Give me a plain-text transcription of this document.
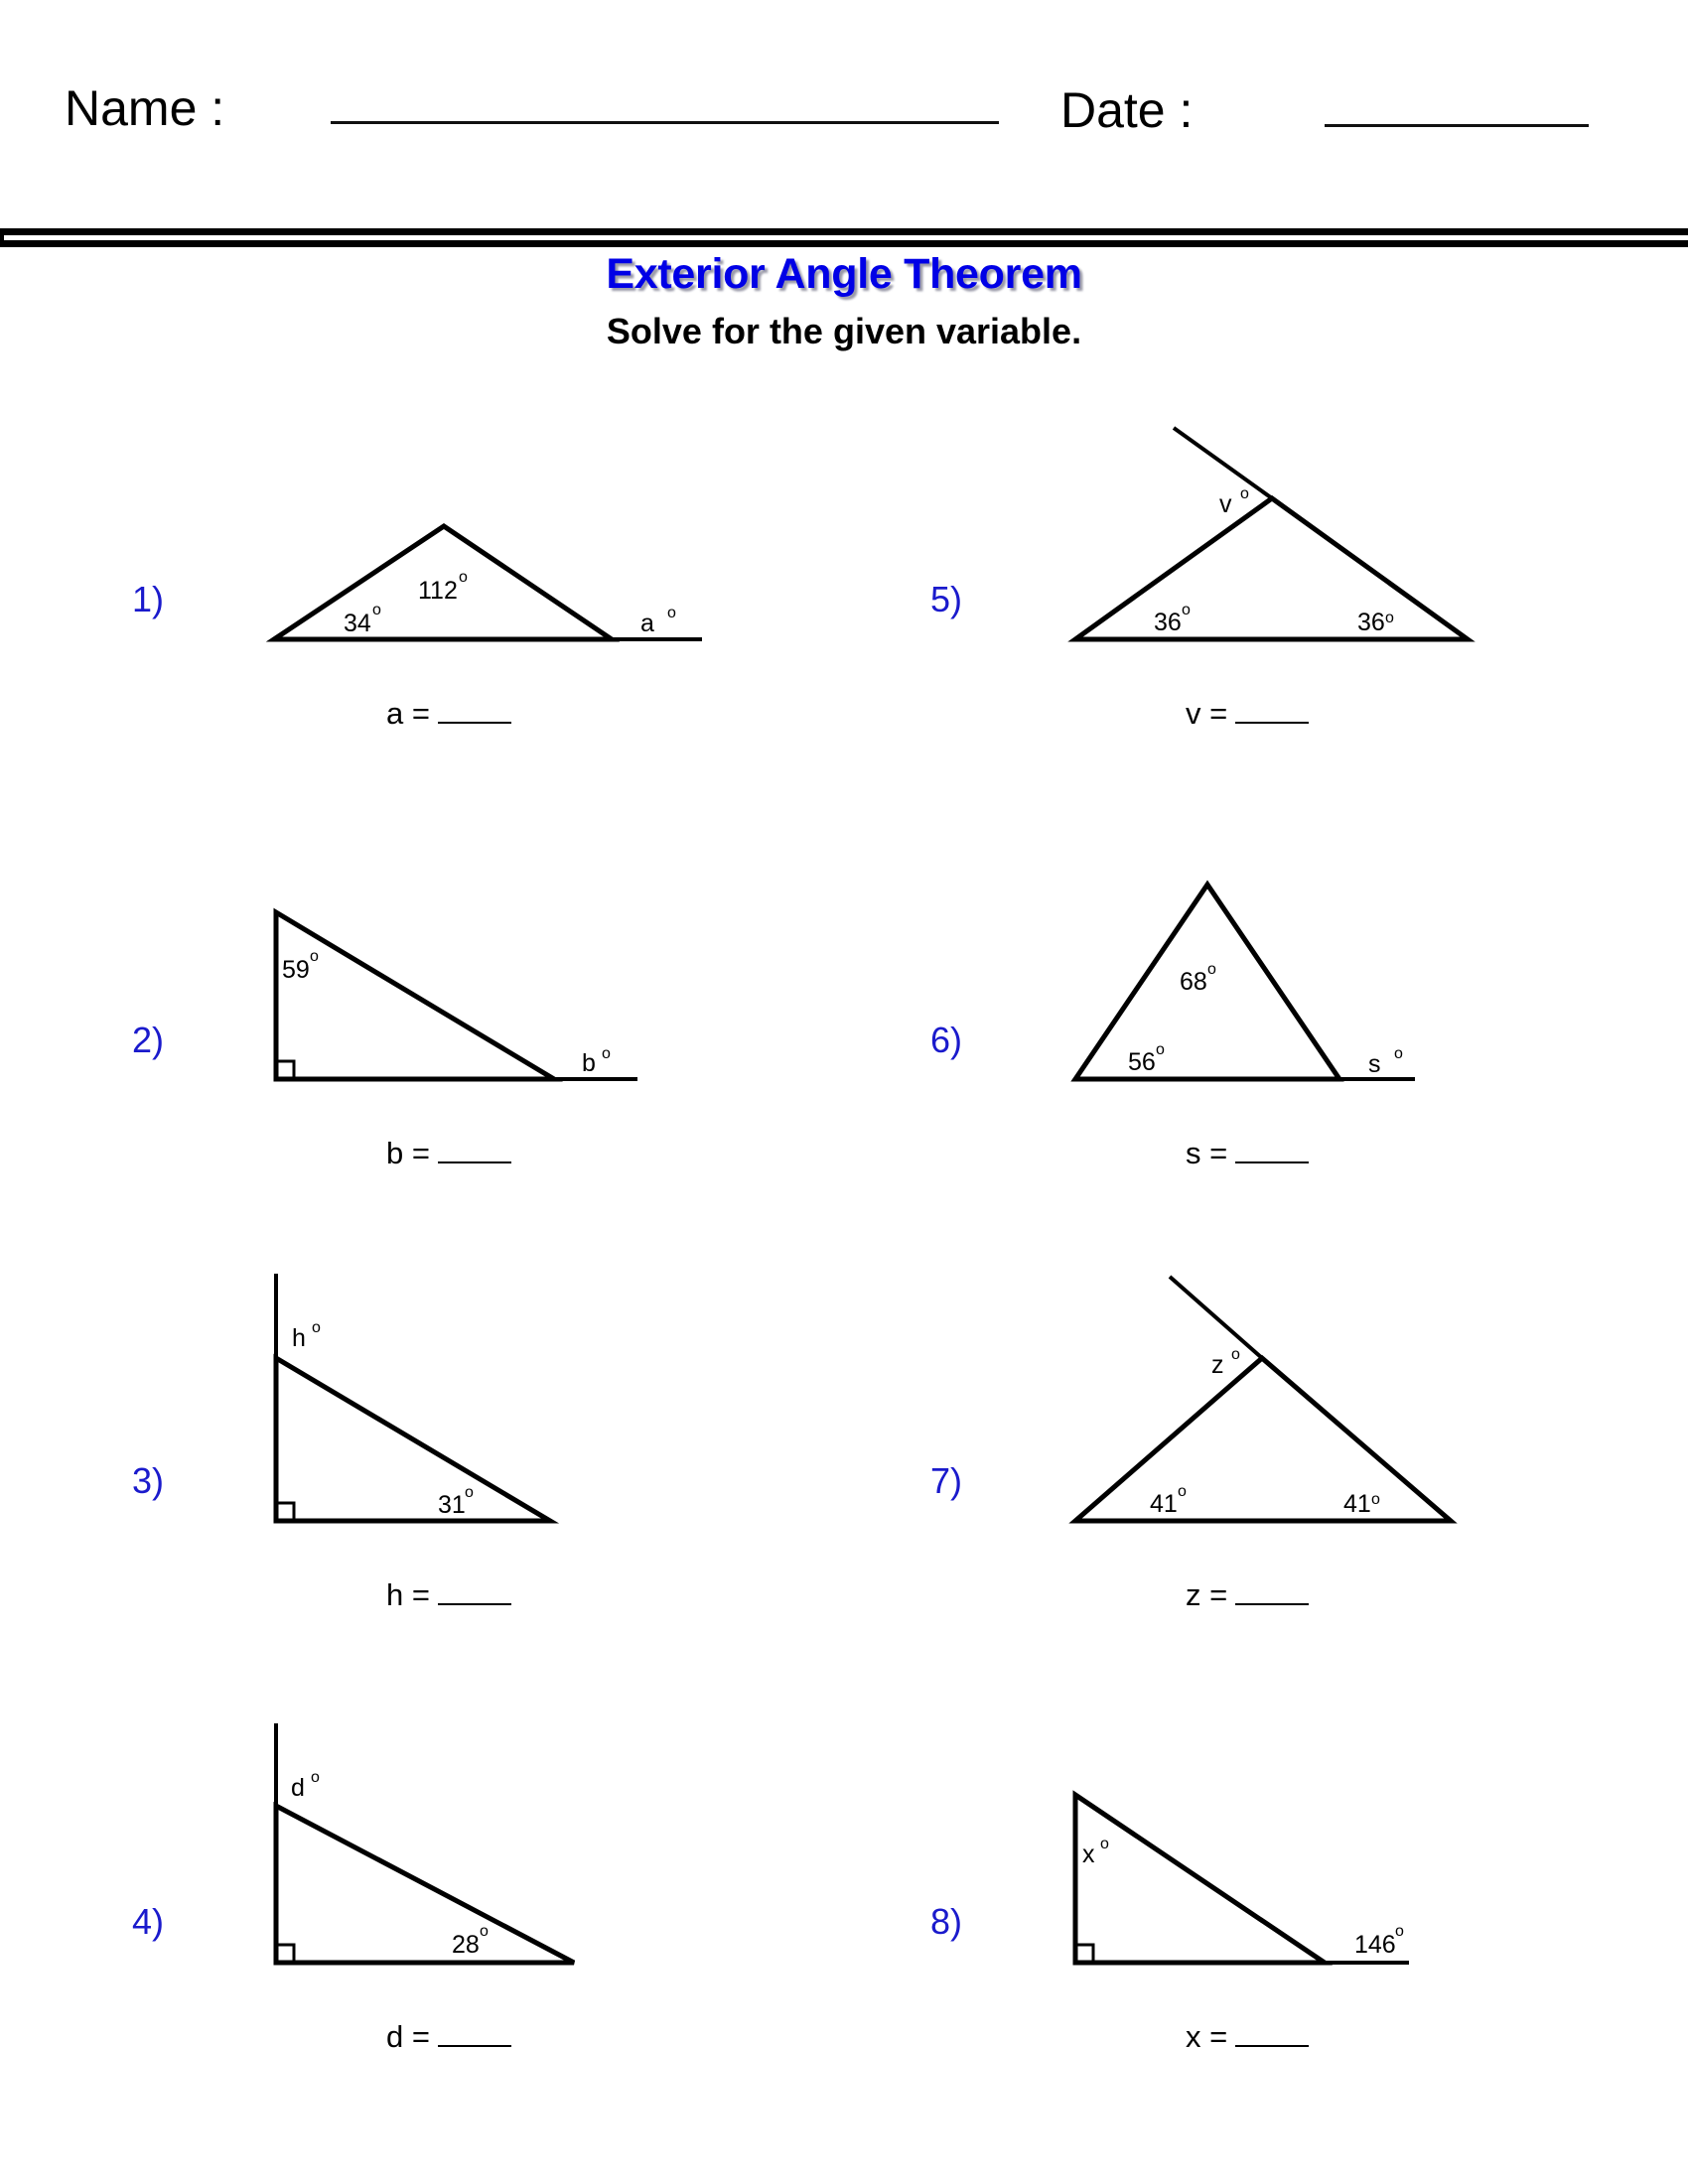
Name :	Date :
Exterior Angle Theorem
Solve for the given variable.
1)
2)
3)
4)
5)
6)
7)
8)
a =
b =
h =
d =
v =
s =
z =
x =
34 o
112 o
a o
59 o
b o
h o
31 o
d o
28 o
v o
36 o	36 o
68 o
56 o
s o
z o
41 o	41 o
x o
146 o
